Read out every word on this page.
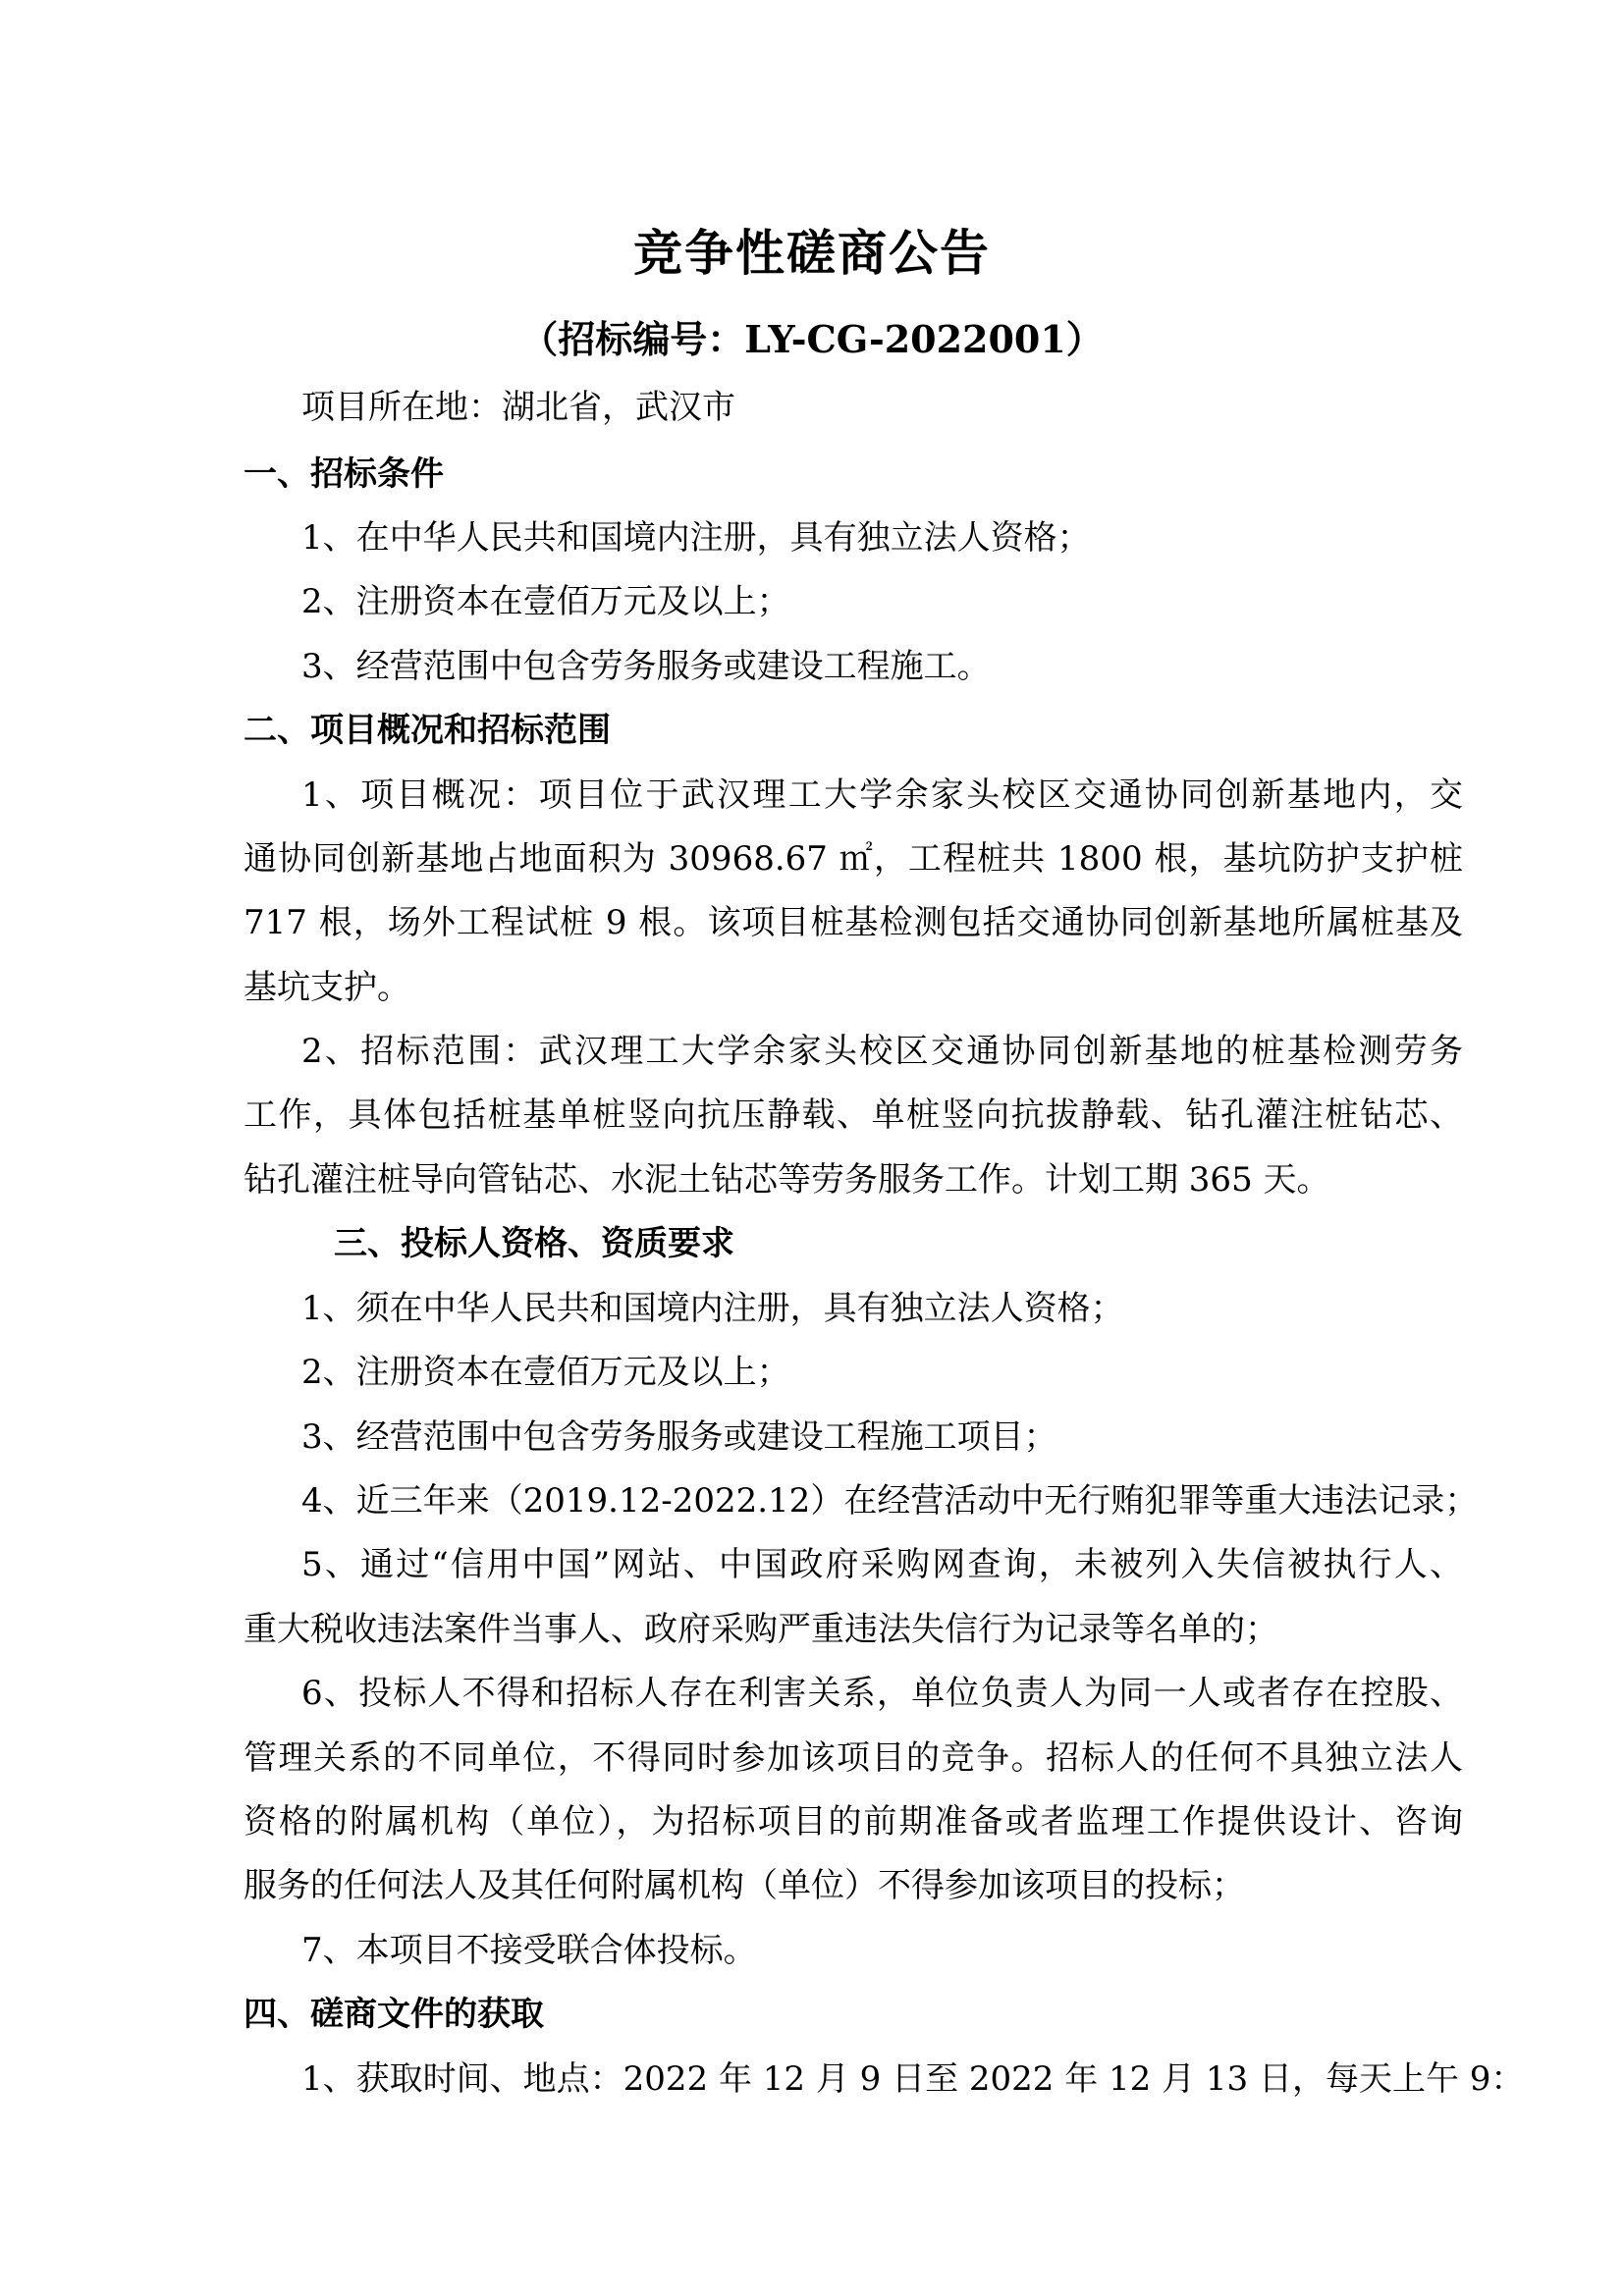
竞争性磋商公告
（招标编号：LY-CG-2022001）
项目所在地：湖北省，武汉市
一、招标条件
1、在中华人民共和国境内注册，具有独立法人资格；
2、注册资本在壹佰万元及以上；
3、经营范围中包含劳务服务或建设工程施工。
二、项目概况和招标范围
1、项目概况：项目位于武汉理工大学余家头校区交通协同创新基地内，交
通协同创新基地占地面积为 30968.67 ㎡，工程桩共 1800 根，基坑防护支护桩
717 根，场外工程试桩 9 根。该项目桩基检测包括交通协同创新基地所属桩基及
基坑支护。
2、招标范围：武汉理工大学余家头校区交通协同创新基地的桩基检测劳务
工作，具体包括桩基单桩竖向抗压静载、单桩竖向抗拔静载、钻孔灌注桩钻芯、
钻孔灌注桩导向管钻芯、水泥土钻芯等劳务服务工作。计划工期 365 天。
三、投标人资格、资质要求
1、须在中华人民共和国境内注册，具有独立法人资格；
2、注册资本在壹佰万元及以上；
3、经营范围中包含劳务服务或建设工程施工项目；
4、近三年来（2019.12-2022.12）在经营活动中无行贿犯罪等重大违法记录；
5、通过“信用中国”网站、中国政府采购网查询，未被列入失信被执行人、
重大税收违法案件当事人、政府采购严重违法失信行为记录等名单的；
6、投标人不得和招标人存在利害关系，单位负责人为同一人或者存在控股、
管理关系的不同单位，不得同时参加该项目的竞争。招标人的任何不具独立法人
资格的附属机构（单位），为招标项目的前期准备或者监理工作提供设计、咨询
服务的任何法人及其任何附属机构（单位）不得参加该项目的投标；
7、本项目不接受联合体投标。
四、磋商文件的获取
1、获取时间、地点：2022 年 12 月 9 日至 2022 年 12 月 13 日，每天上午 9：
